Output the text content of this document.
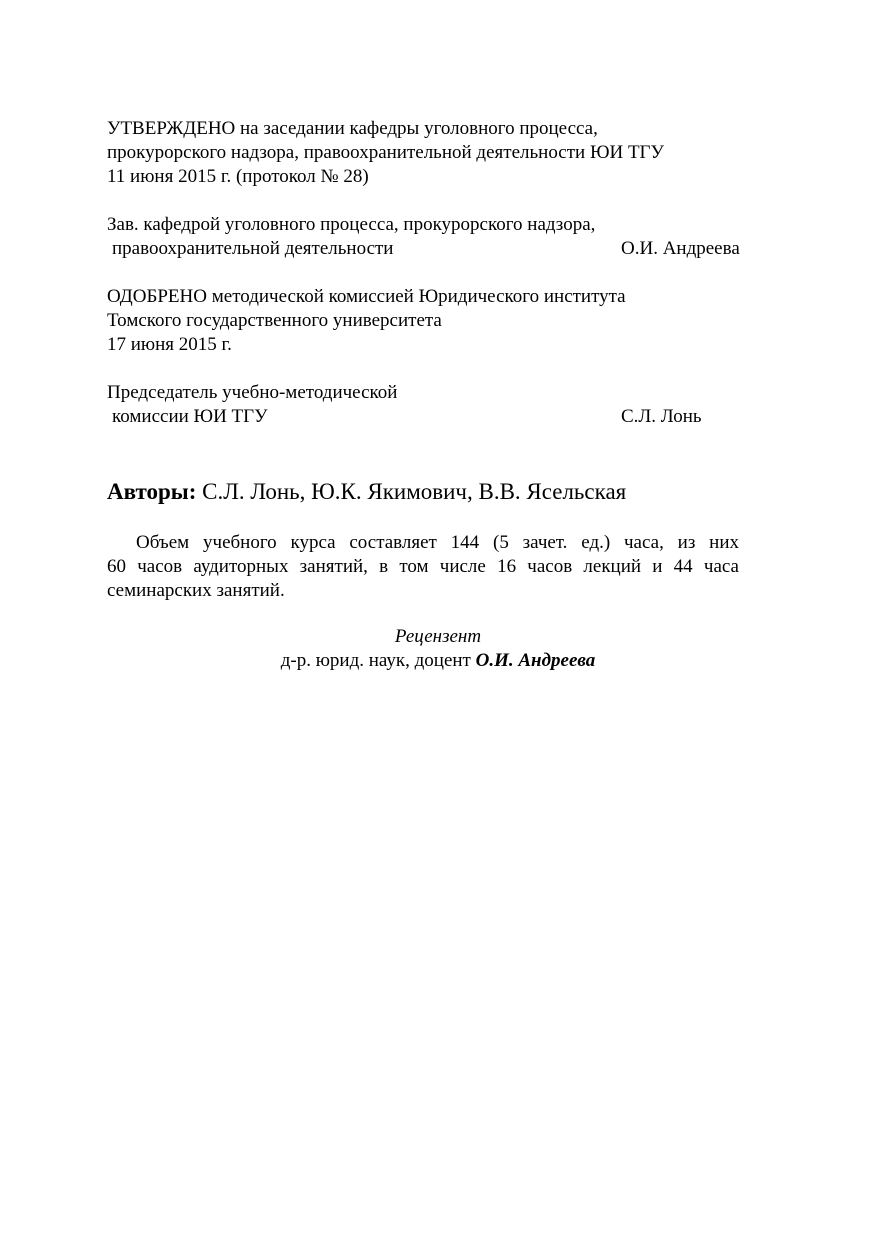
УТВЕРЖДЕНО на заседании кафедры уголовного процесса,
прокурорского надзора, правоохранительной деятельности ЮИ ТГУ
11 июня 2015 г. (протокол № 28)
Зав. кафедрой уголовного процесса, прокурорского надзора,
правоохранительной деятельности	О.И. Андреева
ОДОБРЕНО методической комиссией Юридического института
Томского государственного университета
17 июня 2015 г.
Председатель учебно-методической
комиссии ЮИ ТГУ	С.Л. Лонь
Авторы: С.Л. Лонь, Ю.К. Якимович, В.В. Ясельская
Объем учебного курса составляет 144 (5 зачет. ед.) часа, из них
60 часов аудиторных занятий, в том числе 16 часов лекций и 44 часа
семинарских занятий.
Рецензент
д-р. юрид. наук, доцент О.И. Андреева
